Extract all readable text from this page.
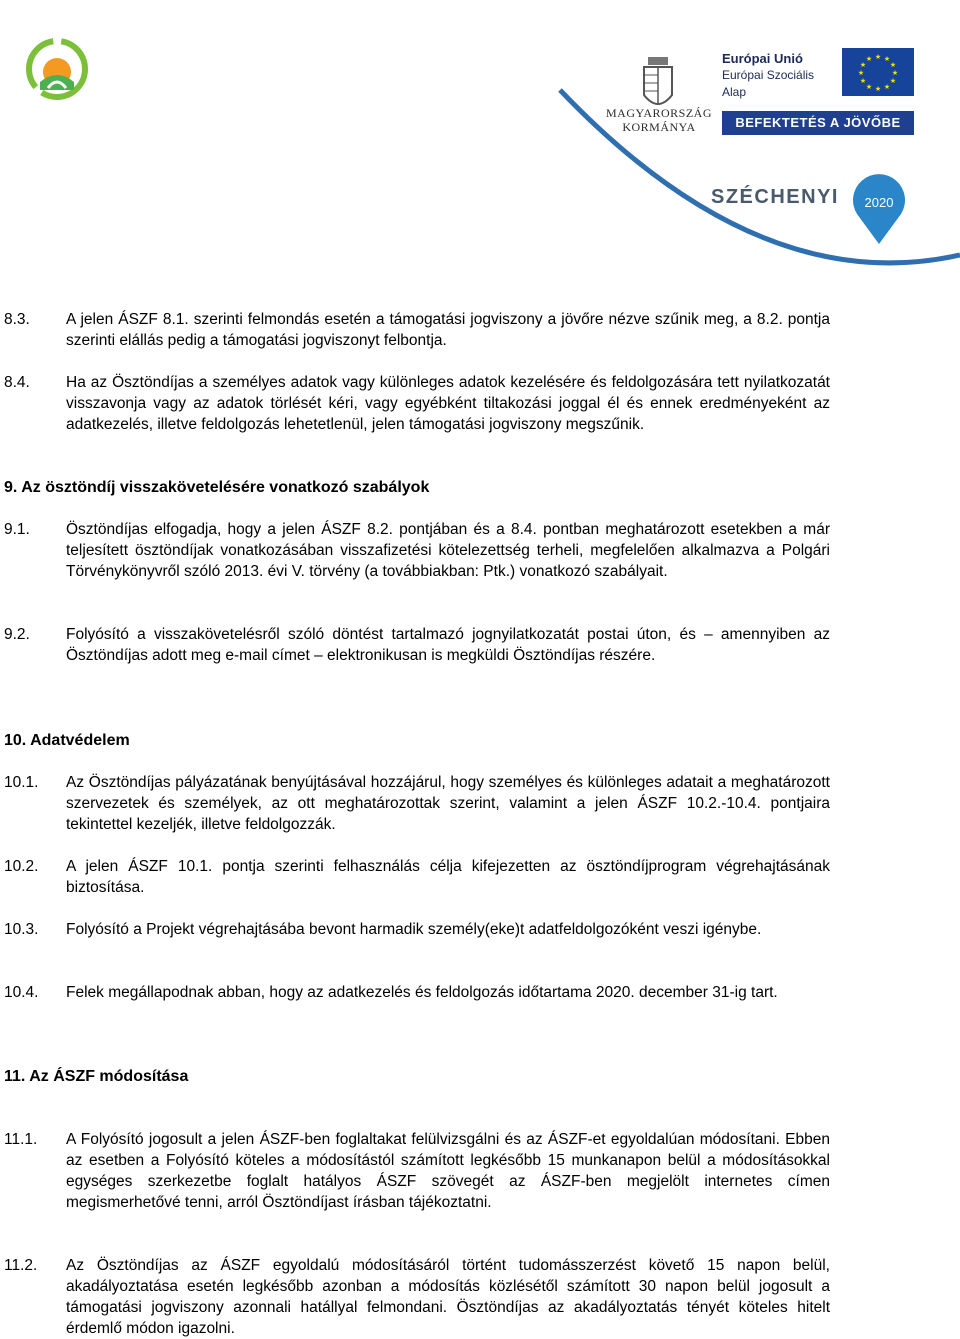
MAGYARORSZÁG
KORMÁNYA
Európai Unió
Európai Szociális
Alap
★ ★
★
★
★
★
★
★
★
★
★
★
BEFEKTETÉS A JÖVŐBE
SZÉCHENYI 2020
8.3. A jelen ÁSZF 8.1. szerinti felmondás esetén a támogatási jogviszony a jövőre nézve szűnik meg, a 8.2. pontja szerinti elállás pedig a támogatási jogviszonyt felbontja.
8.4. Ha az Ösztöndíjas a személyes adatok vagy különleges adatok kezelésére és feldolgozására tett nyilatkozatát visszavonja vagy az adatok törlését kéri, vagy egyébként tiltakozási joggal él és ennek eredményeként az adatkezelés, illetve feldolgozás lehetetlenül, jelen támogatási jogviszony megszűnik.
9. Az ösztöndíj visszakövetelésére vonatkozó szabályok
9.1. Ösztöndíjas elfogadja, hogy a jelen ÁSZF 8.2. pontjában és a 8.4. pontban meghatározott esetekben a már teljesített ösztöndíjak vonatkozásában visszafizetési kötelezettség terheli, megfelelően alkalmazva a Polgári Törvénykönyvről szóló 2013. évi V. törvény (a továbbiakban: Ptk.) vonatkozó szabályait.
9.2. Folyósító a visszakövetelésről szóló döntést tartalmazó jognyilatkozatát postai úton, és – amennyiben az Ösztöndíjas adott meg e-mail címet – elektronikusan is megküldi Ösztöndíjas részére.
10. Adatvédelem
10.1. Az Ösztöndíjas pályázatának benyújtásával hozzájárul, hogy személyes és különleges adatait a meghatározott szervezetek és személyek, az ott meghatározottak szerint, valamint a jelen ÁSZF 10.2.-10.4. pontjaira tekintettel kezeljék, illetve feldolgozzák.
10.2. A jelen ÁSZF 10.1. pontja szerinti felhasználás célja kifejezetten az ösztöndíjprogram végrehajtásának biztosítása.
10.3. Folyósító a Projekt végrehajtásába bevont harmadik személy(eke)t adatfeldolgozóként veszi igénybe.
10.4. Felek megállapodnak abban, hogy az adatkezelés és feldolgozás időtartama 2020. december 31-ig tart.
11. Az ÁSZF módosítása
11.1. A Folyósító jogosult a jelen ÁSZF-ben foglaltakat felülvizsgálni és az ÁSZF-et egyoldalúan módosítani. Ebben az esetben a Folyósító köteles a módosítástól számított legkésőbb 15 munkanapon belül a módosításokkal egységes szerkezetbe foglalt hatályos ÁSZF szövegét az ÁSZF-ben megjelölt internetes címen megismerhetővé tenni, arról Ösztöndíjast írásban tájékoztatni.
11.2. Az Ösztöndíjas az ÁSZF egyoldalú módosításáról történt tudomásszerzést követő 15 napon belül, akadályoztatása esetén legkésőbb azonban a módosítás közlésétől számított 30 napon belül jogosult a támogatási jogviszony azonnali hatállyal felmondani. Ösztöndíjas az akadályoztatás tényét köteles hitelt érdemlő módon igazolni.
